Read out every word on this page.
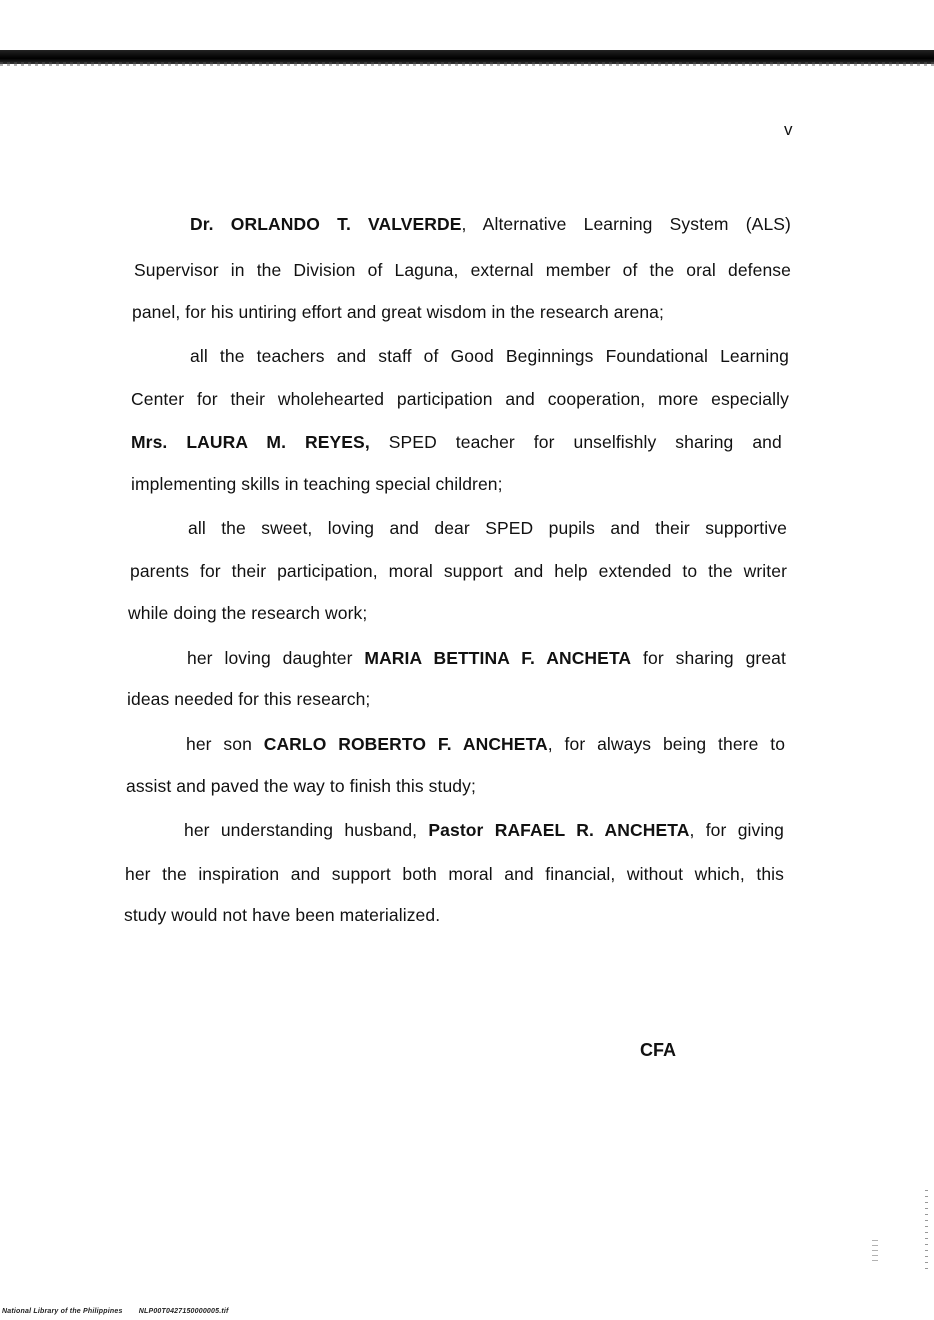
v
Dr. ORLANDO T. VALVERDE, Alternative Learning System (ALS)
Supervisor in the Division of Laguna, external member of the oral defense
panel, for his untiring effort and great wisdom in the research arena;
all the teachers and staff of Good Beginnings Foundational Learning
Center for their wholehearted participation and cooperation, more especially
Mrs. LAURA M. REYES, SPED teacher for unselfishly sharing and
implementing skills in teaching special children;
all the sweet, loving and dear SPED pupils and their supportive
parents for their participation, moral support and help extended to the writer
while doing the research work;
her loving daughter MARIA BETTINA F. ANCHETA for sharing great
ideas needed for this research;
her son CARLO ROBERTO F. ANCHETA, for always being there to
assist and paved the way to finish this study;
her understanding husband, Pastor RAFAEL R. ANCHETA, for giving
her the inspiration and support both moral and financial, without which, this
study would not have been materialized.
CFA
National Library of the Philippines NLP00T0427150000005.tif
